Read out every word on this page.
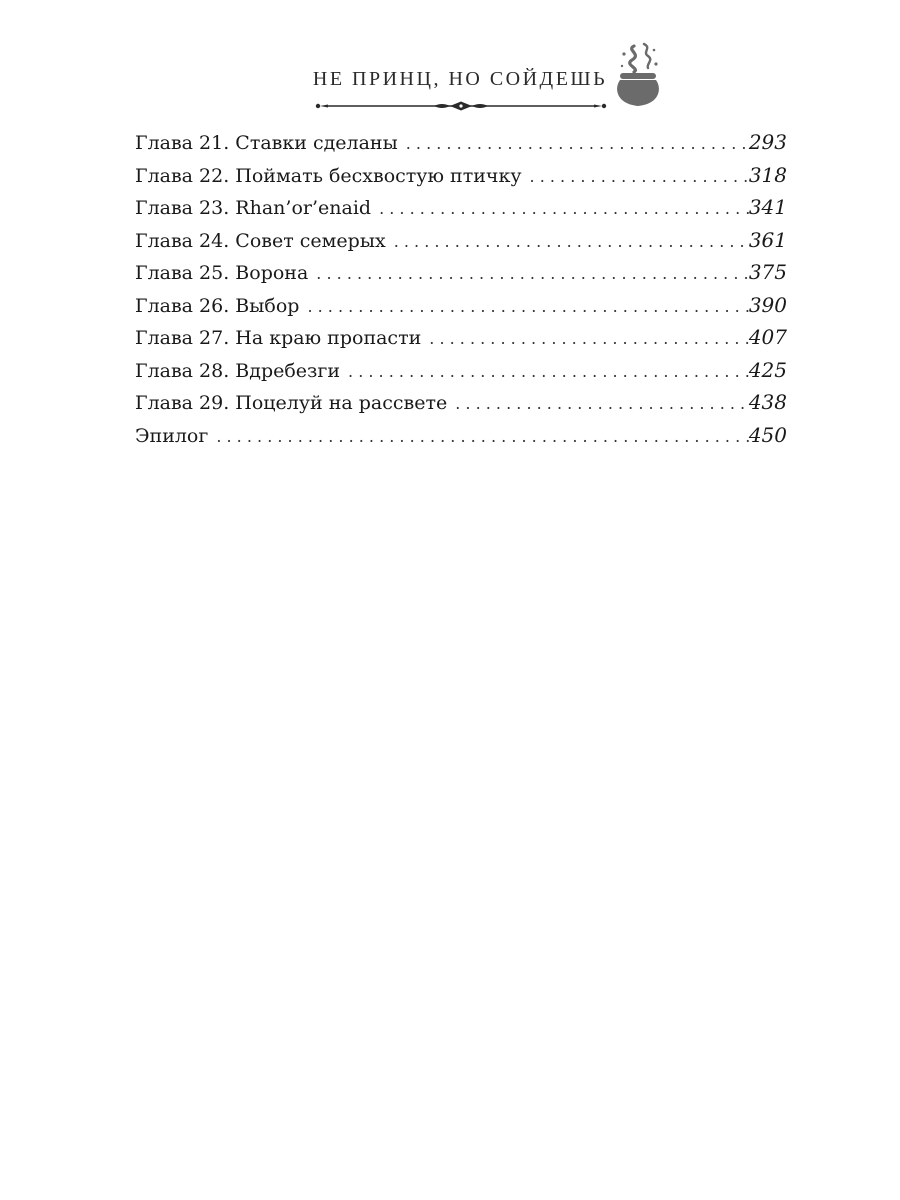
НЕ ПРИНЦ, НО СОЙДЕШЬ
Глава 21. Ставки сделаны . . .	293
Глава 22. Поймать бесхвостую птичку . . .	318
Глава 23. Rhan’or’enaid . . .	341
Глава 24. Совет семерых . . .	361
Глава 25. Ворона . . .	375
Глава 26. Выбор . . .	390
Глава 27. На краю пропасти . . .	407
Глава 28. Вдребезги . . .	425
Глава 29. Поцелуй на рассвете . . .	438
Эпилог . . .	450
